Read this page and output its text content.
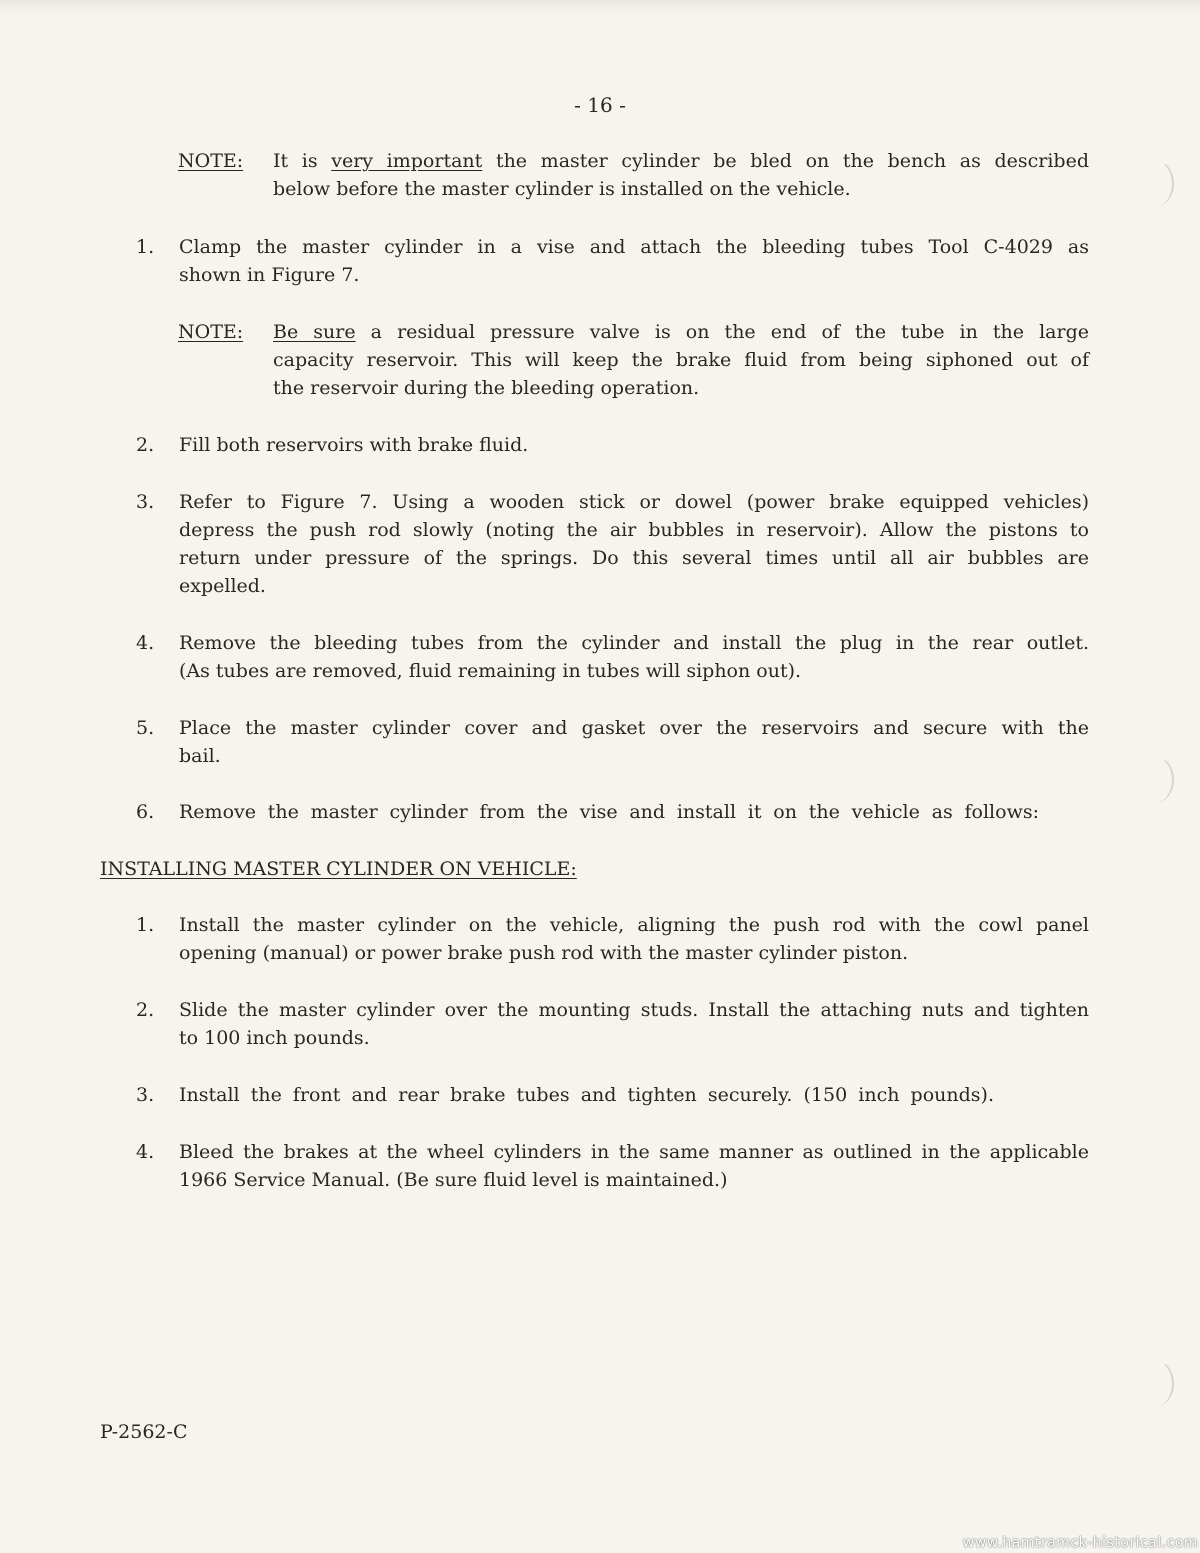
- 16 -
NOTE: It is very important the master cylinder be bled on the bench as described
below before the master cylinder is installed on the vehicle.
1. Clamp the master cylinder in a vise and attach the bleeding tubes Tool C-4029 as
shown in Figure 7.
NOTE: Be sure a residual pressure valve is on the end of the tube in the large
capacity reservoir. This will keep the brake fluid from being siphoned out of
the reservoir during the bleeding operation.
2. Fill both reservoirs with brake fluid.
3. Refer to Figure 7. Using a wooden stick or dowel (power brake equipped vehicles)
depress the push rod slowly (noting the air bubbles in reservoir). Allow the pistons to
return under pressure of the springs. Do this several times until all air bubbles are
expelled.
4. Remove the bleeding tubes from the cylinder and install the plug in the rear outlet.
(As tubes are removed, fluid remaining in tubes will siphon out).
5. Place the master cylinder cover and gasket over the reservoirs and secure with the
bail.
6. Remove the master cylinder from the vise and install it on the vehicle as follows:
INSTALLING MASTER CYLINDER ON VEHICLE:
1. Install the master cylinder on the vehicle, aligning the push rod with the cowl panel
opening (manual) or power brake push rod with the master cylinder piston.
2. Slide the master cylinder over the mounting studs. Install the attaching nuts and tighten
to 100 inch pounds.
3. Install the front and rear brake tubes and tighten securely. (150 inch pounds).
4. Bleed the brakes at the wheel cylinders in the same manner as outlined in the applicable
1966 Service Manual. (Be sure fluid level is maintained.)
P-2562-C
www.hamtramck-historical.com
